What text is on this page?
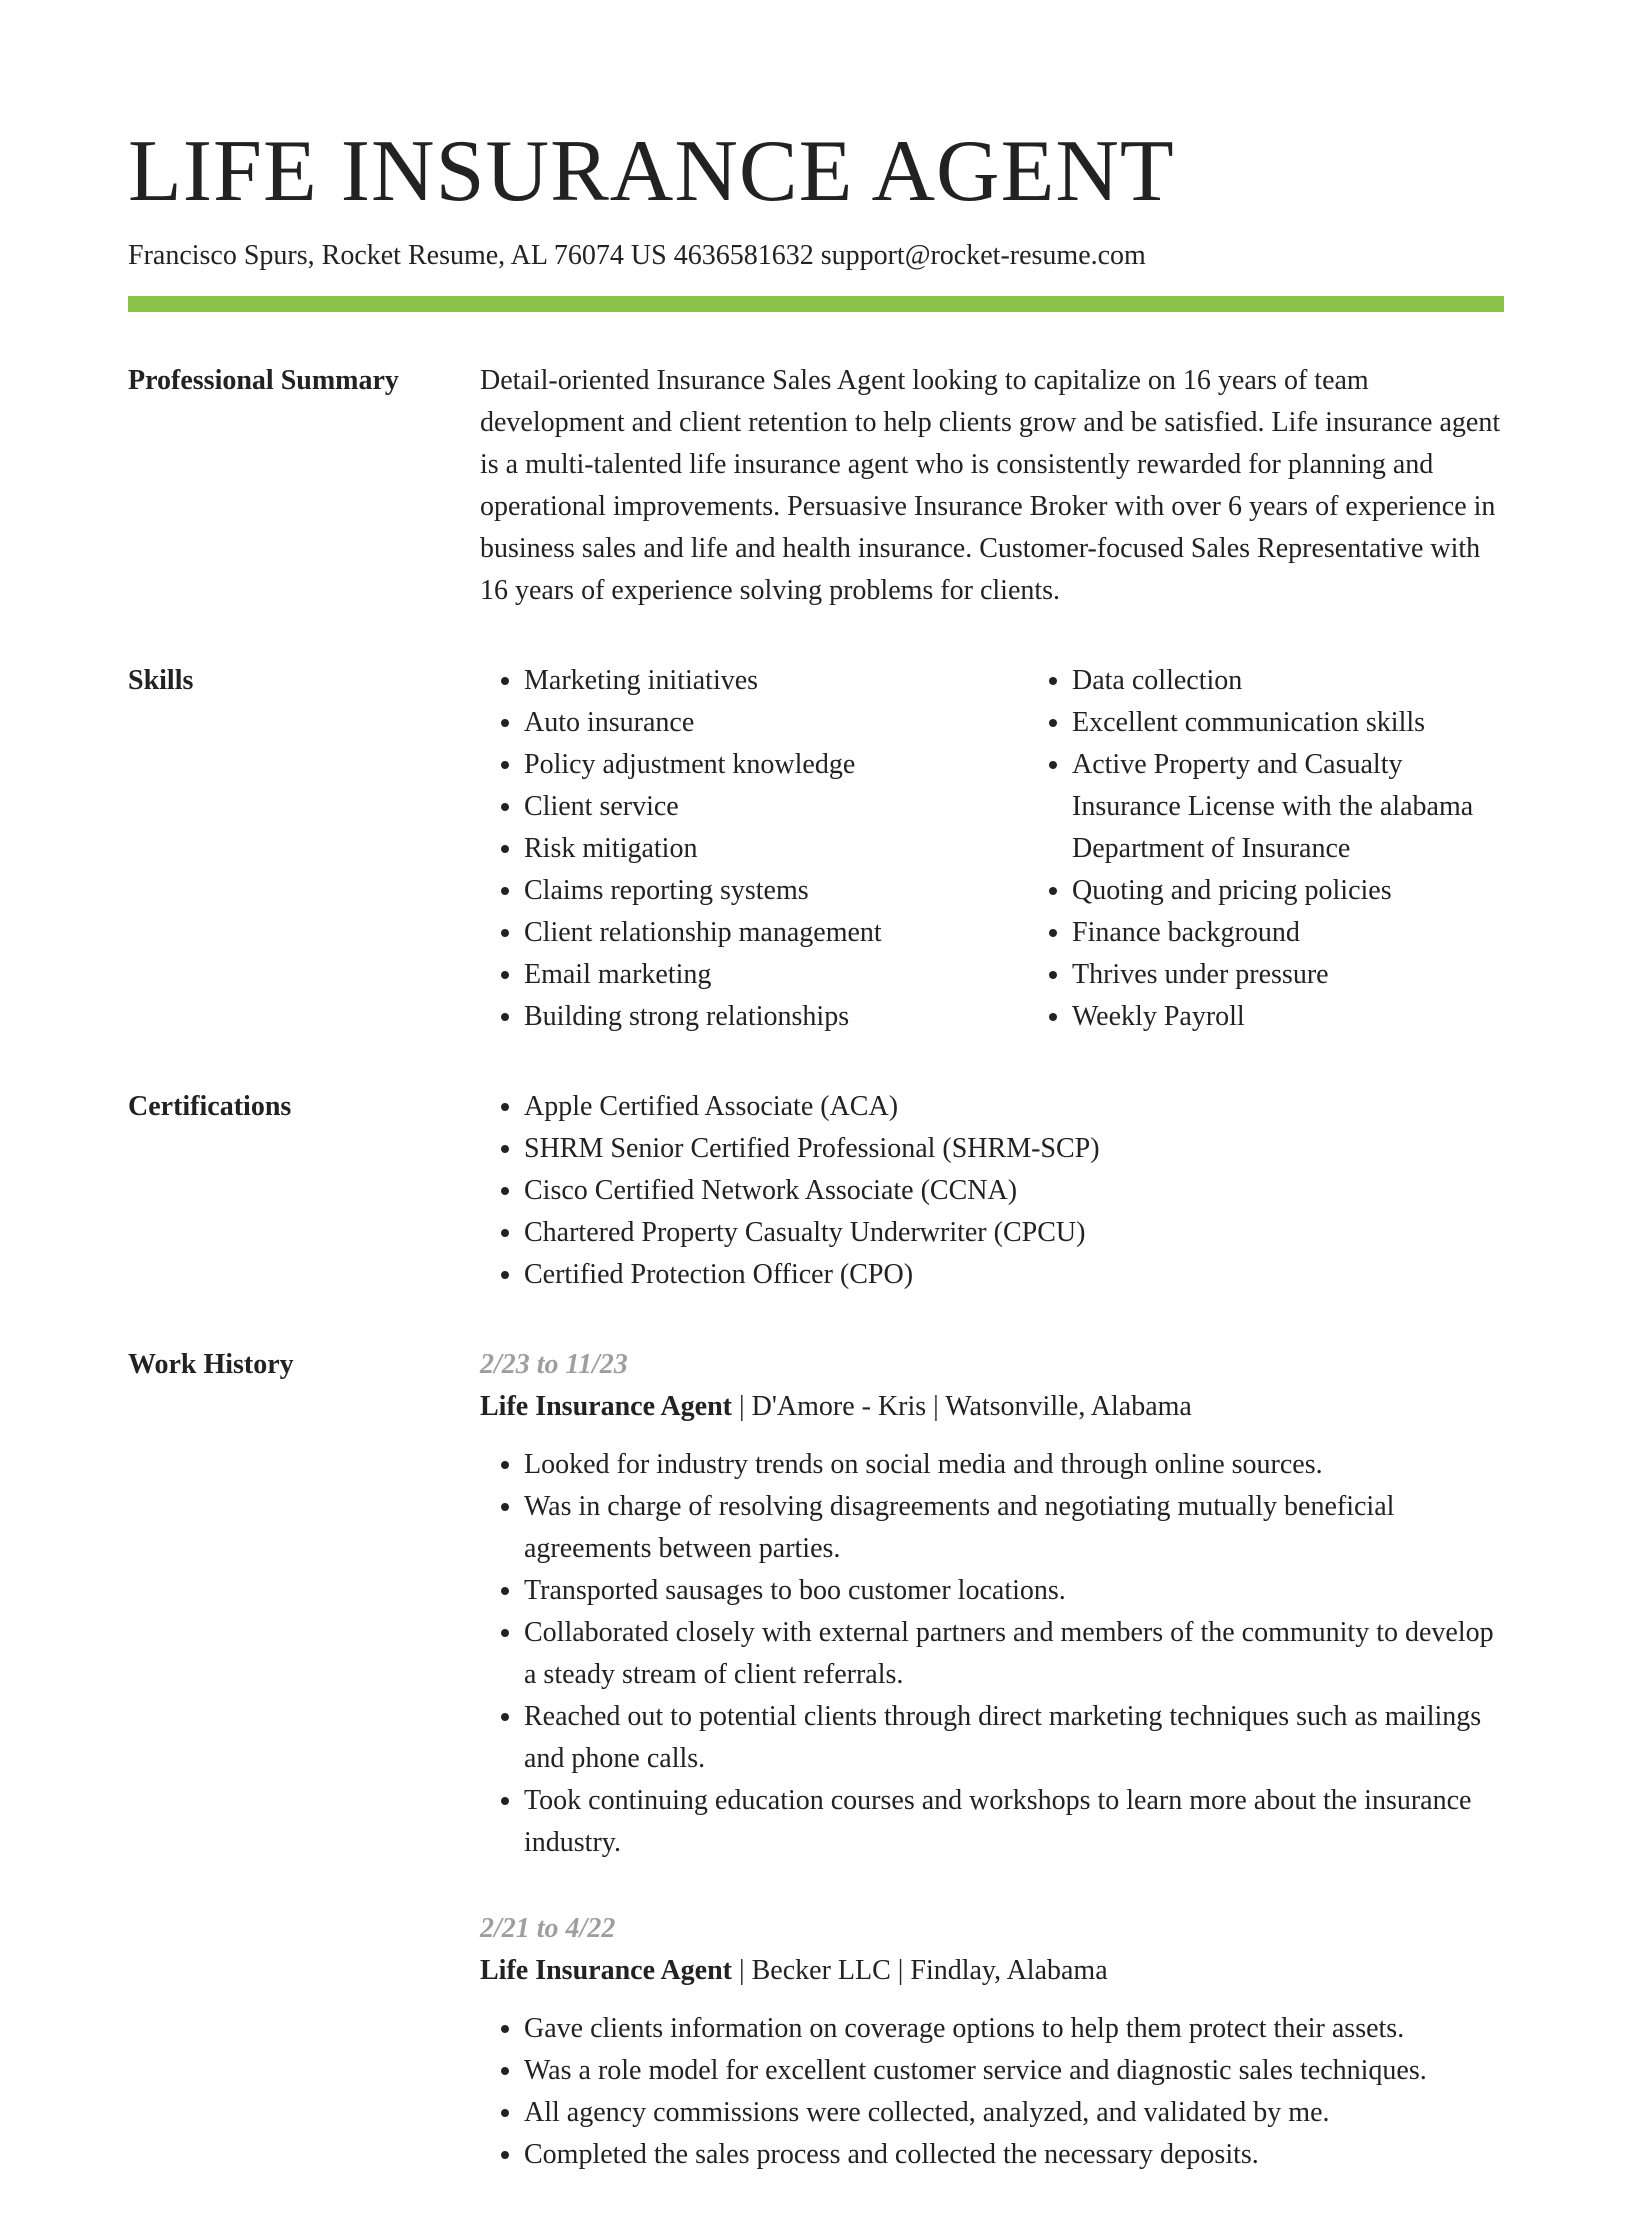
LIFE INSURANCE AGENT
Francisco Spurs, Rocket Resume, AL 76074 US 4636581632 support@rocket-resume.com
Professional Summary	Detail-oriented Insurance Sales Agent looking to capitalize on 16 years of team development and client retention to help clients grow and be satisfied. Life insurance agent is a multi-talented life insurance agent who is consistently rewarded for planning and operational improvements. Persuasive Insurance Broker with over 6 years of experience in business sales and life and health insurance. Customer-focused Sales Representative with 16 years of experience solving problems for clients.

Skills	• Marketing initiatives
• Auto insurance
• Policy adjustment knowledge
• Client service
• Risk mitigation
• Claims reporting systems
• Client relationship management
• Email marketing
• Building strong relationships
• Data collection
• Excellent communication skills
• Active Property and Casualty Insurance License with the alabama Department of Insurance
• Quoting and pricing policies
• Finance background
• Thrives under pressure
• Weekly Payroll
Certifications	• Apple Certified Associate (ACA)
• SHRM Senior Certified Professional (SHRM-SCP)
• Cisco Certified Network Associate (CCNA)
• Chartered Property Casualty Underwriter (CPCU)
• Certified Protection Officer (CPO)
Work History	2/23 to 11/23
Life Insurance Agent | D'Amore - Kris | Watsonville, Alabama
• Looked for industry trends on social media and through online sources.
• Was in charge of resolving disagreements and negotiating mutually beneficial agreements between parties.
• Transported sausages to boo customer locations.
• Collaborated closely with external partners and members of the community to develop a steady stream of client referrals.
• Reached out to potential clients through direct marketing techniques such as mailings and phone calls.
• Took continuing education courses and workshops to learn more about the insurance industry.
2/21 to 4/22
Life Insurance Agent | Becker LLC | Findlay, Alabama
• Gave clients information on coverage options to help them protect their assets.
• Was a role model for excellent customer service and diagnostic sales techniques.
• All agency commissions were collected, analyzed, and validated by me.
• Completed the sales process and collected the necessary deposits.
